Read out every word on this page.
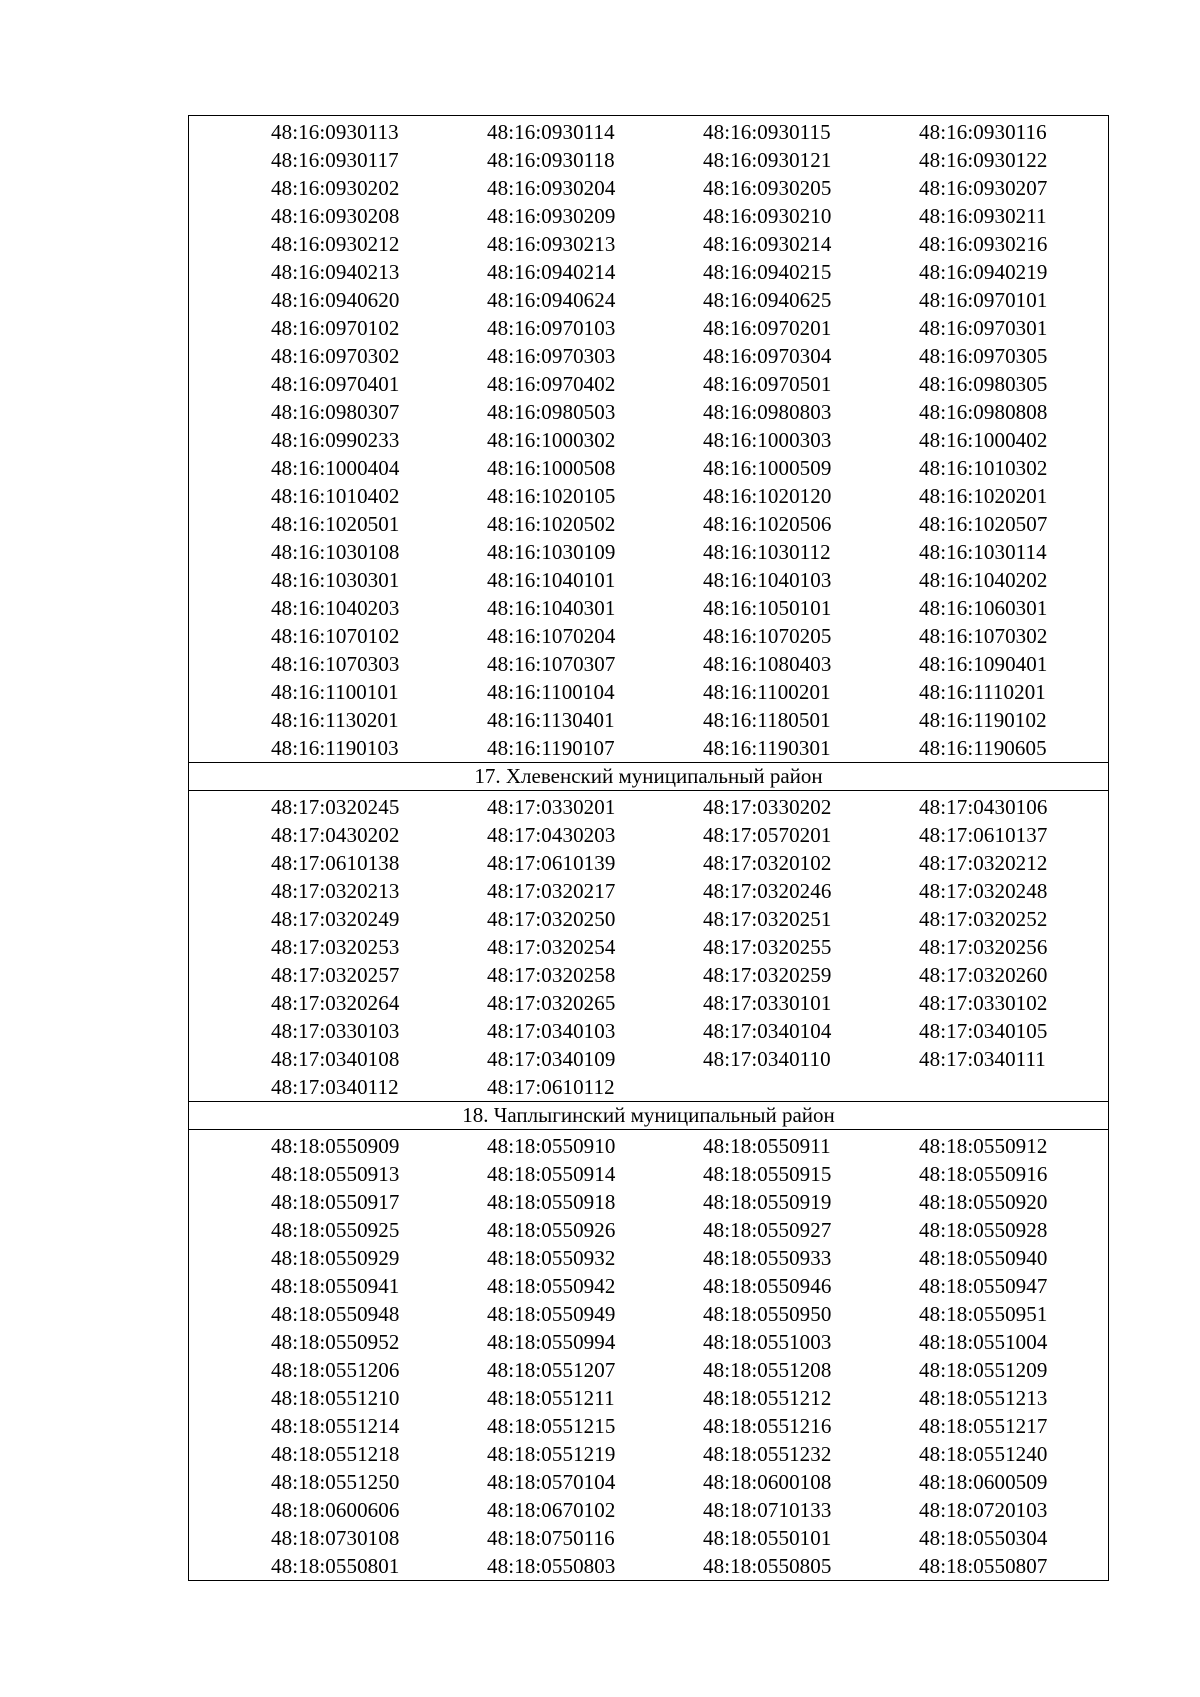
48:16:0930113	48:16:0930114	48:16:0930115	48:16:0930116
48:16:0930117	48:16:0930118	48:16:0930121	48:16:0930122
48:16:0930202	48:16:0930204	48:16:0930205	48:16:0930207
48:16:0930208	48:16:0930209	48:16:0930210	48:16:0930211
48:16:0930212	48:16:0930213	48:16:0930214	48:16:0930216
48:16:0940213	48:16:0940214	48:16:0940215	48:16:0940219
48:16:0940620	48:16:0940624	48:16:0940625	48:16:0970101
48:16:0970102	48:16:0970103	48:16:0970201	48:16:0970301
48:16:0970302	48:16:0970303	48:16:0970304	48:16:0970305
48:16:0970401	48:16:0970402	48:16:0970501	48:16:0980305
48:16:0980307	48:16:0980503	48:16:0980803	48:16:0980808
48:16:0990233	48:16:1000302	48:16:1000303	48:16:1000402
48:16:1000404	48:16:1000508	48:16:1000509	48:16:1010302
48:16:1010402	48:16:1020105	48:16:1020120	48:16:1020201
48:16:1020501	48:16:1020502	48:16:1020506	48:16:1020507
48:16:1030108	48:16:1030109	48:16:1030112	48:16:1030114
48:16:1030301	48:16:1040101	48:16:1040103	48:16:1040202
48:16:1040203	48:16:1040301	48:16:1050101	48:16:1060301
48:16:1070102	48:16:1070204	48:16:1070205	48:16:1070302
48:16:1070303	48:16:1070307	48:16:1080403	48:16:1090401
48:16:1100101	48:16:1100104	48:16:1100201	48:16:1110201
48:16:1130201	48:16:1130401	48:16:1180501	48:16:1190102
48:16:1190103	48:16:1190107	48:16:1190301	48:16:1190605
17. Хлевенский муниципальный район
48:17:0320245	48:17:0330201	48:17:0330202	48:17:0430106
48:17:0430202	48:17:0430203	48:17:0570201	48:17:0610137
48:17:0610138	48:17:0610139	48:17:0320102	48:17:0320212
48:17:0320213	48:17:0320217	48:17:0320246	48:17:0320248
48:17:0320249	48:17:0320250	48:17:0320251	48:17:0320252
48:17:0320253	48:17:0320254	48:17:0320255	48:17:0320256
48:17:0320257	48:17:0320258	48:17:0320259	48:17:0320260
48:17:0320264	48:17:0320265	48:17:0330101	48:17:0330102
48:17:0330103	48:17:0340103	48:17:0340104	48:17:0340105
48:17:0340108	48:17:0340109	48:17:0340110	48:17:0340111
48:17:0340112	48:17:0610112
18. Чаплыгинский муниципальный район
48:18:0550909	48:18:0550910	48:18:0550911	48:18:0550912
48:18:0550913	48:18:0550914	48:18:0550915	48:18:0550916
48:18:0550917	48:18:0550918	48:18:0550919	48:18:0550920
48:18:0550925	48:18:0550926	48:18:0550927	48:18:0550928
48:18:0550929	48:18:0550932	48:18:0550933	48:18:0550940
48:18:0550941	48:18:0550942	48:18:0550946	48:18:0550947
48:18:0550948	48:18:0550949	48:18:0550950	48:18:0550951
48:18:0550952	48:18:0550994	48:18:0551003	48:18:0551004
48:18:0551206	48:18:0551207	48:18:0551208	48:18:0551209
48:18:0551210	48:18:0551211	48:18:0551212	48:18:0551213
48:18:0551214	48:18:0551215	48:18:0551216	48:18:0551217
48:18:0551218	48:18:0551219	48:18:0551232	48:18:0551240
48:18:0551250	48:18:0570104	48:18:0600108	48:18:0600509
48:18:0600606	48:18:0670102	48:18:0710133	48:18:0720103
48:18:0730108	48:18:0750116	48:18:0550101	48:18:0550304
48:18:0550801	48:18:0550803	48:18:0550805	48:18:0550807
